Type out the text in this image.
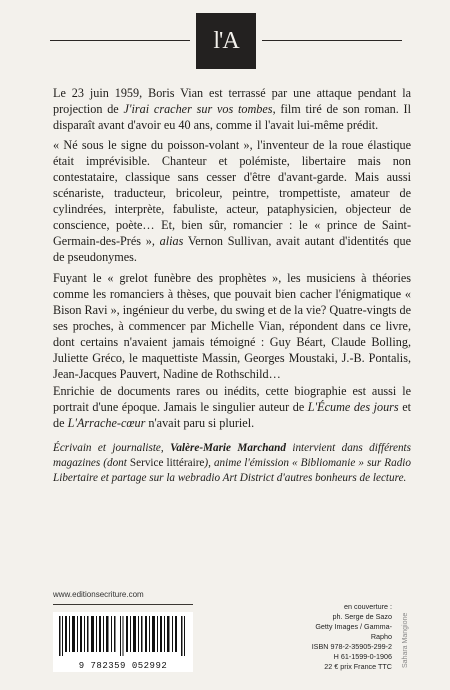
l'A
Le 23 juin 1959, Boris Vian est terrassé par une attaque pendant la projection de J'irai cracher sur vos tombes, film tiré de son roman. Il disparaît avant d'avoir eu 40 ans, comme il l'avait lui-même prédit.
« Né sous le signe du poisson-volant », l'inventeur de la roue élastique était imprévisible. Chanteur et polémiste, libertaire mais non contestataire, classique sans cesser d'être d'avant-garde. Mais aussi scénariste, traducteur, bricoleur, peintre, trompettiste, amateur de cylindrées, interprète, fabuliste, acteur, pataphysicien, objecteur de conscience, poète… Et, bien sûr, romancier : le « prince de Saint-Germain-des-Prés », alias Vernon Sullivan, avait autant d'identités que de pseudonymes.
Fuyant le « grelot funèbre des prophètes », les musiciens à théories comme les romanciers à thèses, que pouvait bien cacher l'énigmatique « Bison Ravi », ingénieur du verbe, du swing et de la vie? Quatre-vingts de ses proches, à commencer par Michelle Vian, répondent dans ce livre, dont certains n'avaient jamais témoigné : Guy Béart, Claude Bolling, Juliette Gréco, le maquettiste Massin, Georges Moustaki, J.-B. Pontalis, Jean-Jacques Pauvert, Nadine de Rothschild…
Enrichie de documents rares ou inédits, cette biographie est aussi le portrait d'une époque. Jamais le singulier auteur de L'Écume des jours et de L'Arrache-cœur n'avait paru si pluriel.
Écrivain et journaliste, Valère-Marie Marchand intervient dans différents magazines (dont Service littéraire), anime l'émission « Bibliomanie » sur Radio Libertaire et partage sur la webradio Art District d'autres bonheurs de lecture.
www.editionsecriture.com
9 782359 052992
en couverture :
ph. Serge de Sazo
Getty Images / Gamma-Rapho
ISBN 978-2-35905-299-2
H 61-1599-0-1906
22 € prix France TTC Sahara Mangione
